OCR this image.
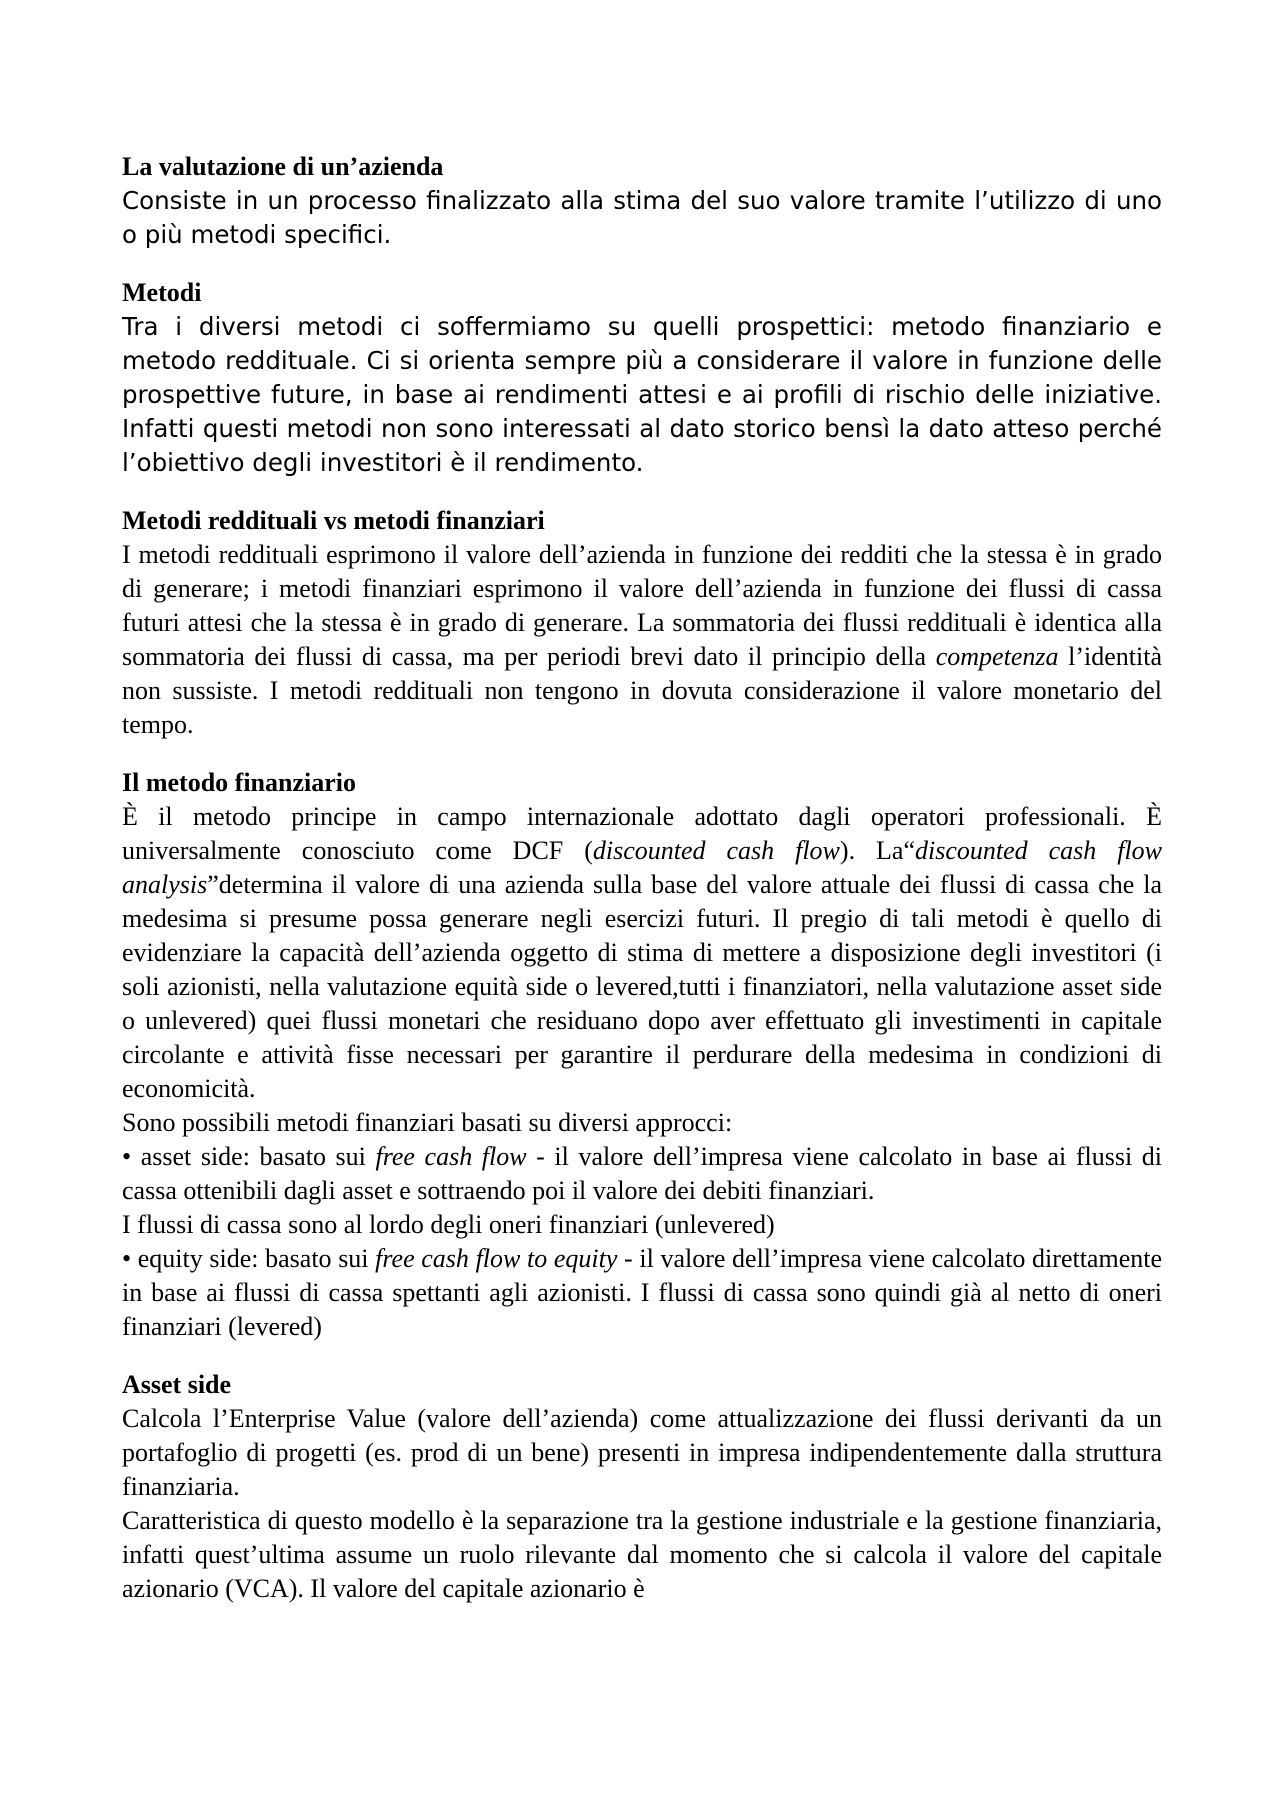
La valutazione di un’azienda

Consiste in un processo finalizzato alla stima del suo valore tramite l’utilizzo di uno o più metodi specifici.

Metodi

Tra i diversi metodi ci soffermiamo su quelli prospettici: metodo finanziario e metodo reddituale. Ci si orienta sempre più a considerare il valore in funzione delle prospettive future, in base ai rendimenti attesi e ai profili di rischio delle iniziative. Infatti questi metodi non sono interessati al dato storico bensì la dato atteso perché l’obiettivo degli investitori è il rendimento.

Metodi reddituali vs metodi finanziari

I metodi reddituali esprimono il valore dell’azienda in funzione dei redditi che la stessa è in grado di generare; i metodi finanziari esprimono il valore dell’azienda in funzione dei flussi di cassa futuri attesi che la stessa è in grado di generare. La sommatoria dei flussi reddituali è identica alla sommatoria dei flussi di cassa, ma per periodi brevi dato il principio della competenza l’identità non sussiste. I metodi reddituali non tengono in dovuta considerazione il valore monetario del tempo.

Il metodo finanziario

È il metodo principe in campo internazionale adottato dagli operatori professionali. È universalmente conosciuto come DCF (discounted cash flow). La“discounted cash flow analysis”determina il valore di una azienda sulla base del valore attuale dei flussi di cassa che la medesima si presume possa generare negli esercizi futuri. Il pregio di tali metodi è quello di evidenziare la capacità dell’azienda oggetto di stima di mettere a disposizione degli investitori (i soli azionisti, nella valutazione equità side o levered,tutti i finanziatori, nella valutazione asset side o unlevered) quei flussi monetari che residuano dopo aver effettuato gli investimenti in capitale circolante e attività fisse necessari per garantire il perdurare della medesima in condizioni di economicità.

Sono possibili metodi finanziari basati su diversi approcci:

• asset side: basato sui free cash flow - il valore dell’impresa viene calcolato in base ai flussi di cassa ottenibili dagli asset e sottraendo poi il valore dei debiti finanziari.

I flussi di cassa sono al lordo degli oneri finanziari (unlevered)

• equity side: basato sui free cash flow to equity - il valore dell’impresa viene calcolato direttamente in base ai flussi di cassa spettanti agli azionisti. I flussi di cassa sono quindi già al netto di oneri finanziari (levered)

Asset side

Calcola l’Enterprise Value (valore dell’azienda) come attualizzazione dei flussi derivanti da un portafoglio di progetti (es. prod di un bene) presenti in impresa indipendentemente dalla struttura finanziaria.

Caratteristica di questo modello è la separazione tra la gestione industriale e la gestione finanziaria, infatti quest’ultima assume un ruolo rilevante dal momento che si calcola il valore del capitale azionario (VCA). Il valore del capitale azionario è
